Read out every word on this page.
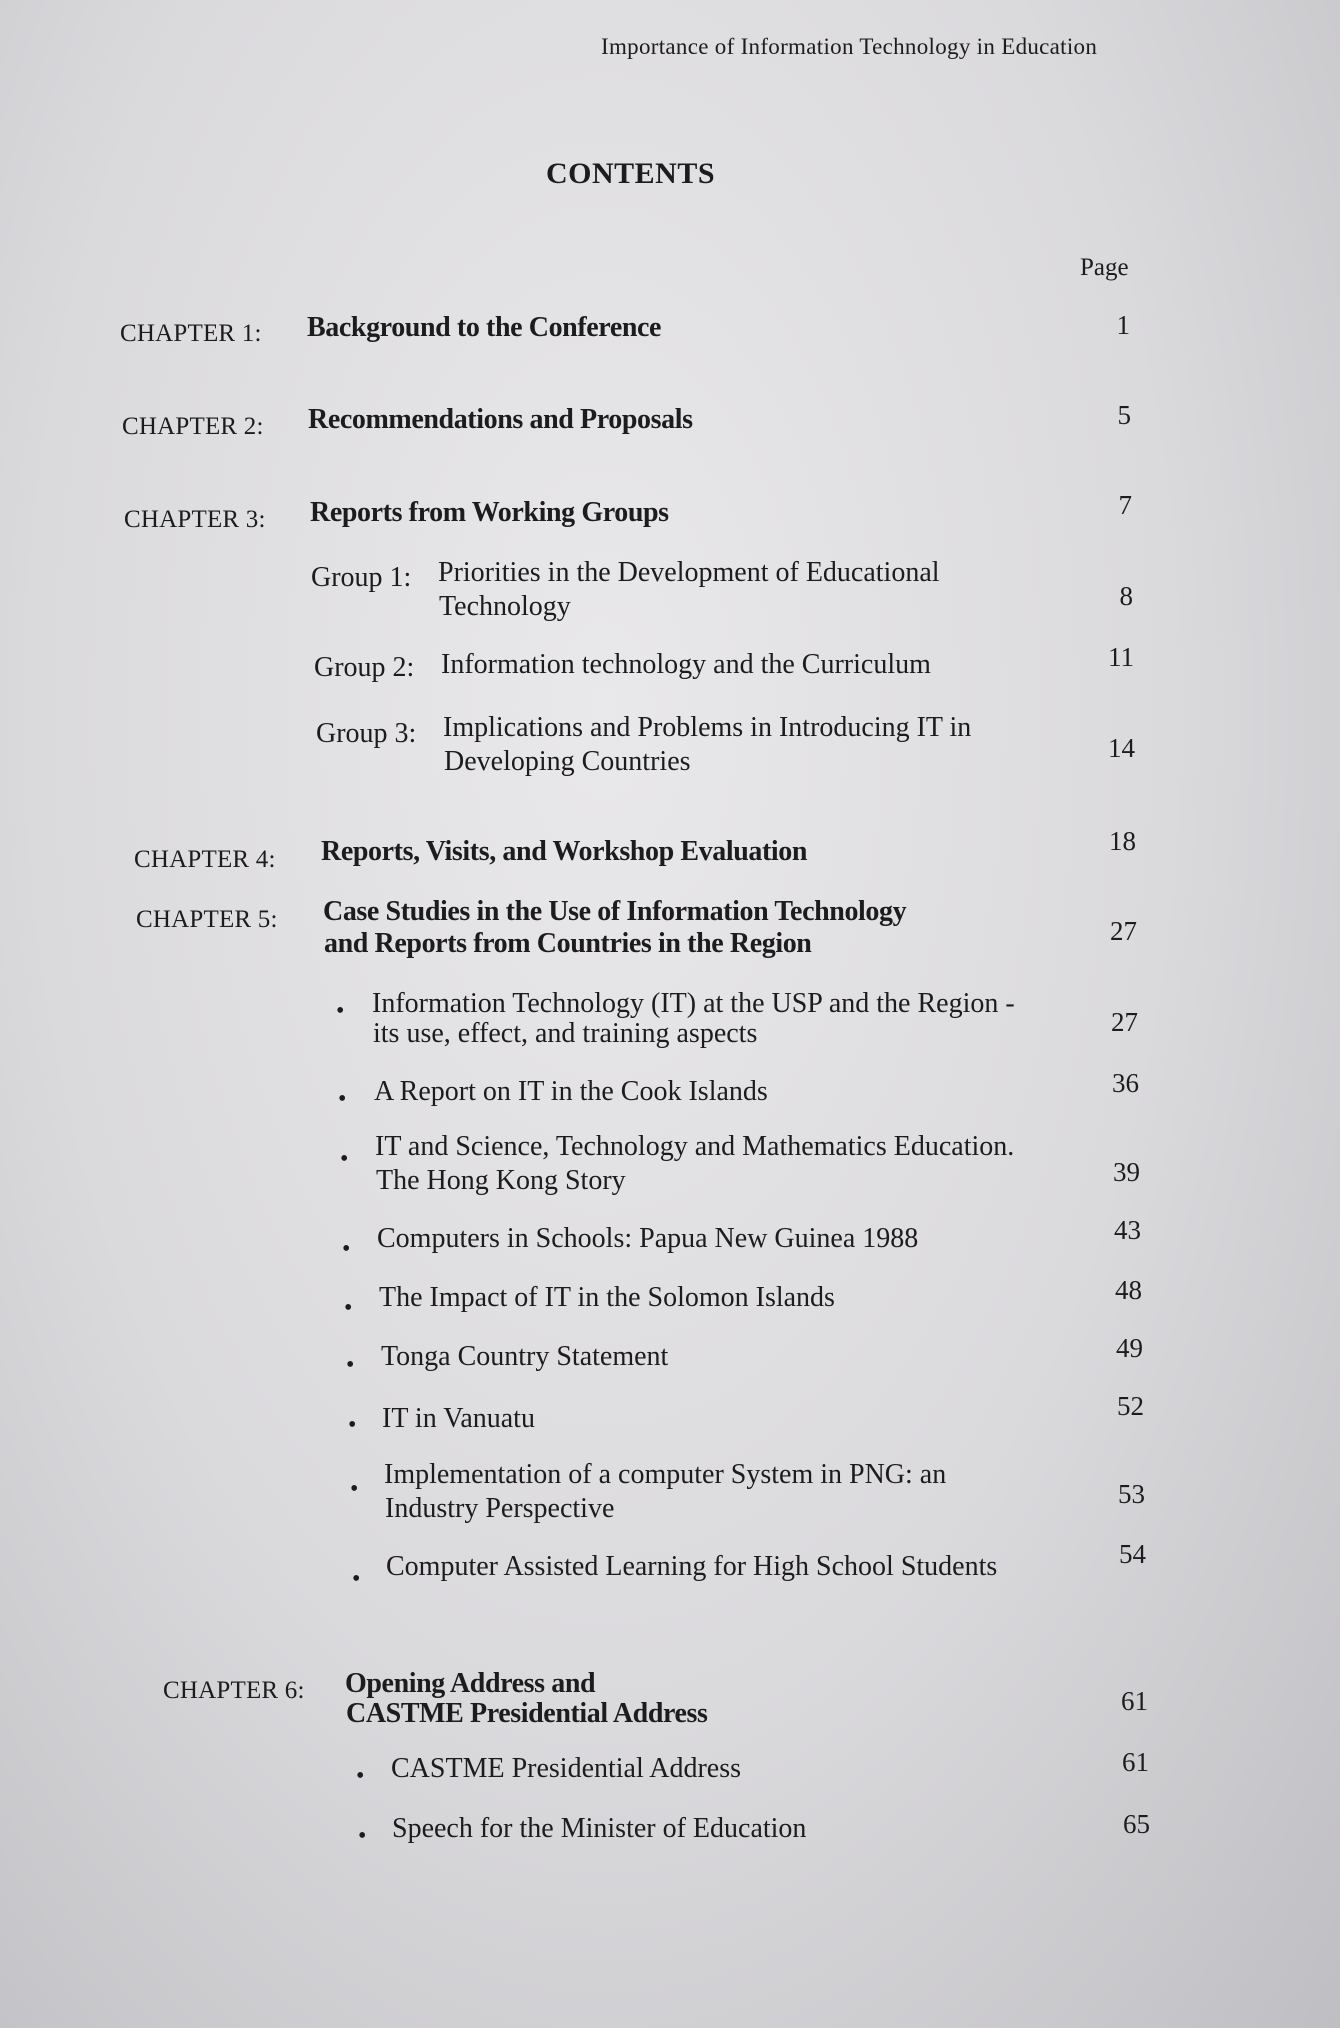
Importance of Information Technology in Education
CONTENTS
Page
CHAPTER 1: Background to the Conference	1
CHAPTER 2: Recommendations and Proposals	5
CHAPTER 3: Reports from Working Groups	7
Group 1: Priorities in the Development of Educational
Technology	8
Group 2: Information technology and the Curriculum	11
Group 3: Implications and Problems in Introducing IT in
Developing Countries	14
CHAPTER 4: Reports, Visits, and Workshop Evaluation	18
CHAPTER 5: Case Studies in the Use of Information Technology
and Reports from Countries in the Region	27
• Information Technology (IT) at the USP and the Region -
its use, effect, and training aspects	27
• A Report on IT in the Cook Islands	36
• IT and Science, Technology and Mathematics Education.
The Hong Kong Story	39
• Computers in Schools: Papua New Guinea 1988	43
• The Impact of IT in the Solomon Islands	48
• Tonga Country Statement	49
• IT in Vanuatu	52
• Implementation of a computer System in PNG: an
Industry Perspective	53
• Computer Assisted Learning for High School Students	54
CHAPTER 6: Opening Address and
CASTME Presidential Address	61
• CASTME Presidential Address	61
• Speech for the Minister of Education	65
